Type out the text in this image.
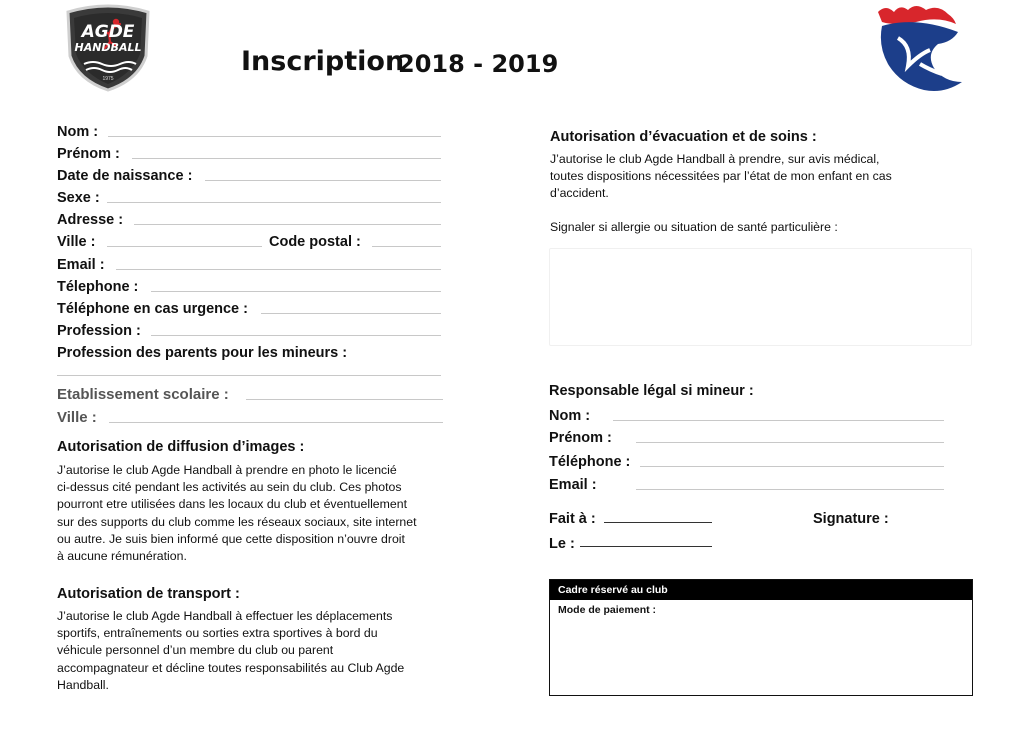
AGDE
HANDBALL
1975
Inscription
2018 - 2019
Nom :
Prénom :
Date de naissance :
Sexe :
Adresse :
Ville :	Code postal :
Email :
Télephone :
Téléphone en cas urgence :
Profession :
Profession des parents pour les mineurs :
Etablissement scolaire :
Ville :
Autorisation de diffusion d’images :

J’autorise le club Agde Handball à prendre en photo le licencié

ci-dessus cité pendant les activités au sein du club. Ces photos

pourront etre utilisées dans les locaux du club et éventuellement

sur des supports du club comme les réseaux sociaux, site internet

ou autre. Je suis bien informé que cette disposition n’ouvre droit

à aucune rémunération.

Autorisation de transport :

J’autorise le club Agde Handball à effectuer les déplacements

sportifs, entraînements ou sorties extra sportives à bord du

véhicule personnel d’un membre du club ou parent

accompagnateur et décline toutes responsabilités au Club Agde

Handball.

Autorisation d’évacuation et de soins :

J’autorise le club Agde Handball à prendre, sur avis médical,

toutes dispositions nécessitées par l’état de mon enfant en cas

d’accident.

Signaler si allergie ou situation de santé particulière :
Responsable légal si mineur :
Nom :
Prénom :
Téléphone :
Email :
Fait à :	Signature :
Le :
Cadre réservé au club
Mode de paiement :
